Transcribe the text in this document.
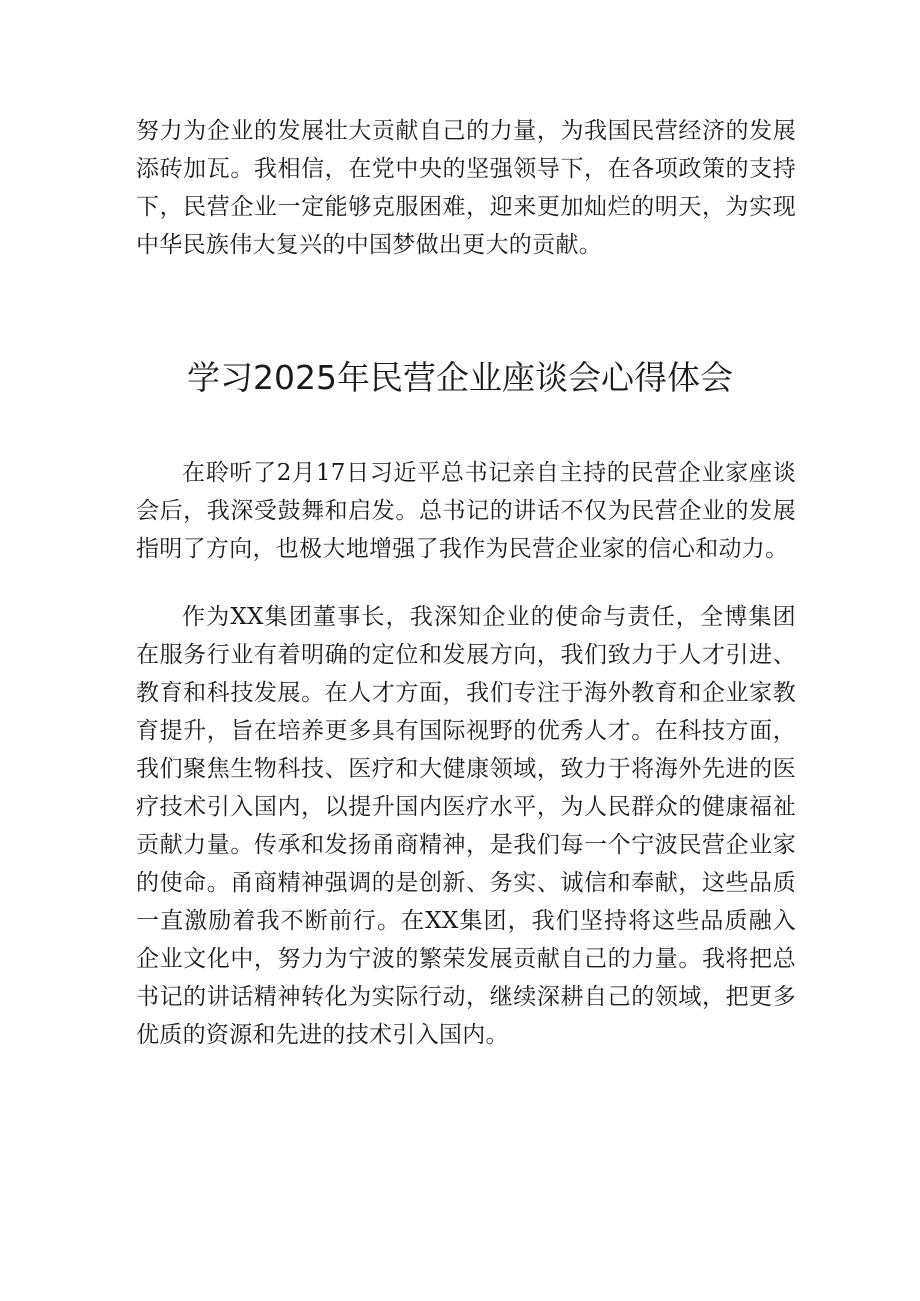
努力为企业的发展壮大贡献自己的力量，为我国民营经济的发展添砖加瓦。我相信，在党中央的坚强领导下，在各项政策的支持下，民营企业一定能够克服困难，迎来更加灿烂的明天，为实现中华民族伟大复兴的中国梦做出更大的贡献。

学习2025年民营企业座谈会心得体会

在聆听了2月17日习近平总书记亲自主持的民营企业家座谈会后，我深受鼓舞和启发。总书记的讲话不仅为民营企业的发展指明了方向，也极大地增强了我作为民营企业家的信心和动力。

作为XX集团董事长，我深知企业的使命与责任，全博集团在服务行业有着明确的定位和发展方向，我们致力于人才引进、教育和科技发展。在人才方面，我们专注于海外教育和企业家教育提升，旨在培养更多具有国际视野的优秀人才。在科技方面，我们聚焦生物科技、医疗和大健康领域，致力于将海外先进的医疗技术引入国内，以提升国内医疗水平，为人民群众的健康福祉贡献力量。传承和发扬甬商精神，是我们每一个宁波民营企业家的使命。甬商精神强调的是创新、务实、诚信和奉献，这些品质一直激励着我不断前行。在XX集团，我们坚持将这些品质融入企业文化中，努力为宁波的繁荣发展贡献自己的力量。我将把总书记的讲话精神转化为实际行动，继续深耕自己的领域，把更多优质的资源和先进的技术引入国内。
